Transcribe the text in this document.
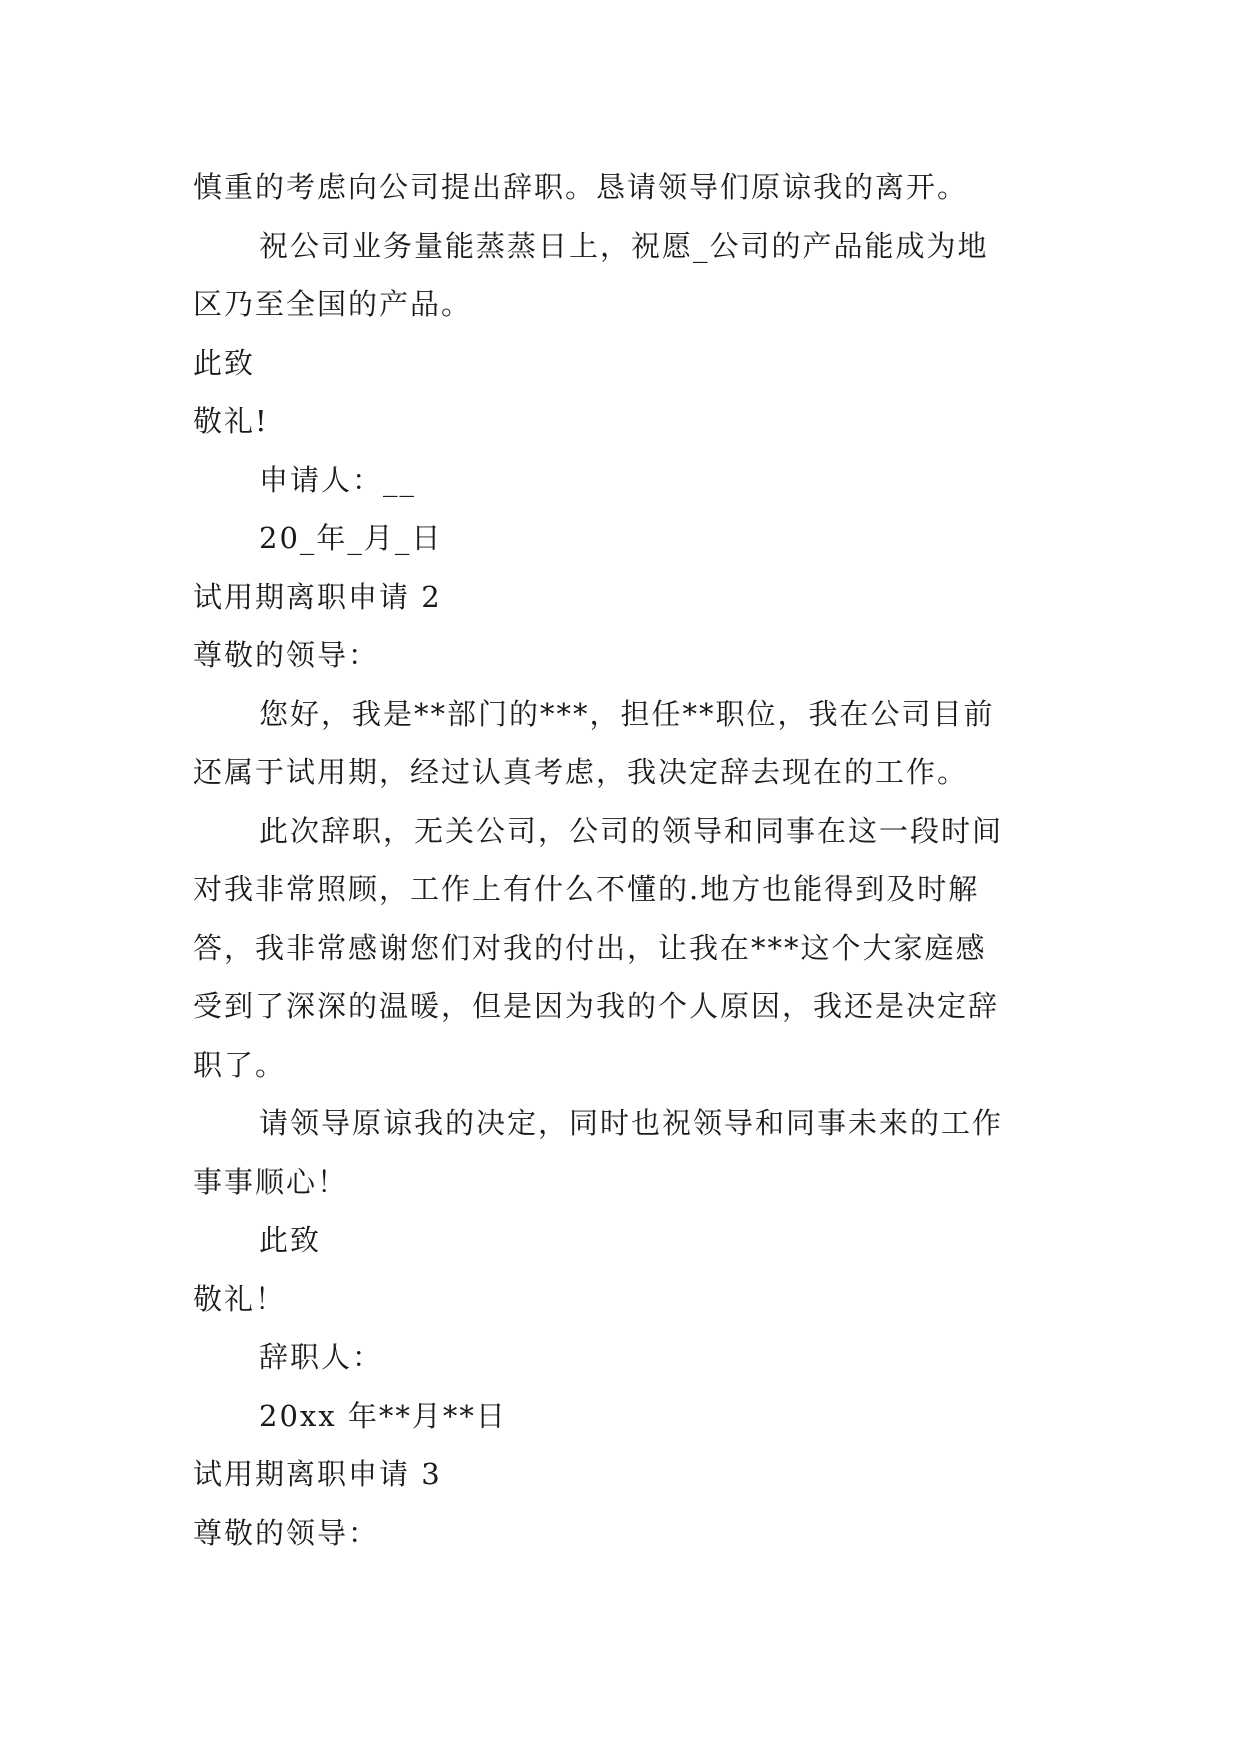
慎重的考虑向公司提出辞职。恳请领导们原谅我的离开。
祝公司业务量能蒸蒸日上，祝愿_公司的产品能成为地
区乃至全国的产品。
此致
敬礼!
申请人：__
20_年_月_日
试用期离职申请 2
尊敬的领导：
您好，我是**部门的***，担任**职位，我在公司目前
还属于试用期，经过认真考虑，我决定辞去现在的工作。
此次辞职，无关公司，公司的领导和同事在这一段时间
对我非常照顾，工作上有什么不懂的.地方也能得到及时解
答，我非常感谢您们对我的付出，让我在***这个大家庭感
受到了深深的温暖，但是因为我的个人原因，我还是决定辞
职了。
请领导原谅我的决定，同时也祝领导和同事未来的工作
事事顺心！
此致
敬礼！
辞职人：
20xx 年**月**日
试用期离职申请 3
尊敬的领导：
